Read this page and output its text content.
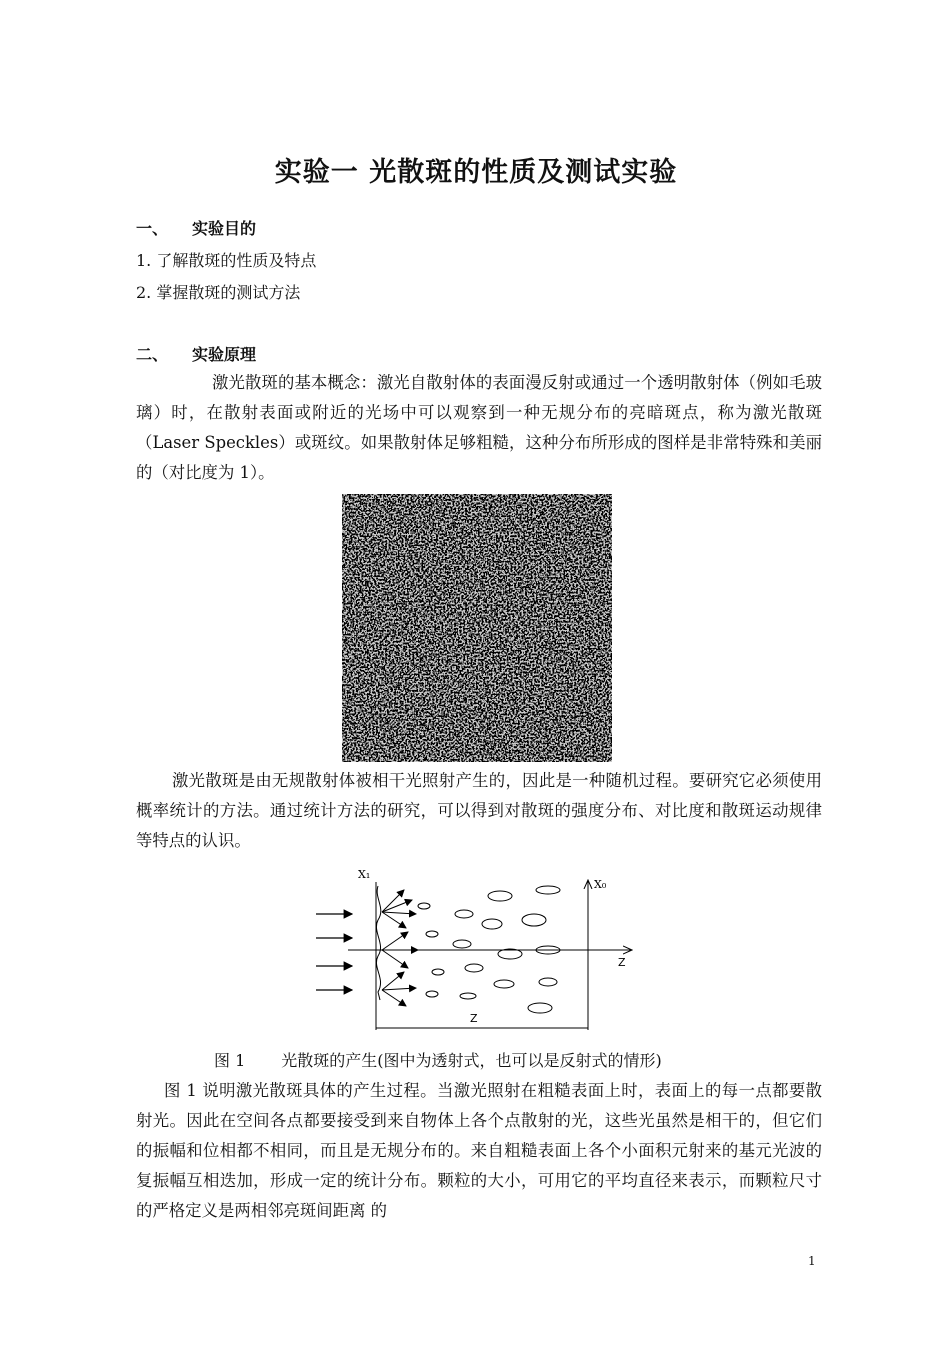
实验一 光散斑的性质及测试实验
一、 实验目的
1. 了解散斑的性质及特点
2. 掌握散斑的测试方法
二、 实验原理

激光散斑的基本概念：激光自散射体的表面漫反射或通过一个透明散射体（例如毛玻璃）时，在散射表面或附近的光场中可以观察到一种无规分布的亮暗斑点，称为激光散斑（Laser Speckles）或斑纹。如果散射体足够粗糙，这种分布所形成的图样是非常特殊和美丽的（对比度为 1）。

激光散斑是由无规散射体被相干光照射产生的，因此是一种随机过程。要研究它必须使用概率统计的方法。通过统计方法的研究，可以得到对散斑的强度分布、对比度和散斑运动规律等特点的认识。

X₁
X₀
Z
Z
图 1 光散斑的产生(图中为透射式，也可以是反射式的情形)

图 1 说明激光散斑具体的产生过程。当激光照射在粗糙表面上时，表面上的每一点都要散射光。因此在空间各点都要接受到来自物体上各个点散射的光，这些光虽然是相干的，但它们的振幅和位相都不相同，而且是无规分布的。来自粗糙表面上各个小面积元射来的基元光波的复振幅互相迭加，形成一定的统计分布。颗粒的大小，可用它的平均直径来表示，而颗粒尺寸的严格定义是两相邻亮斑间距离 的

1
